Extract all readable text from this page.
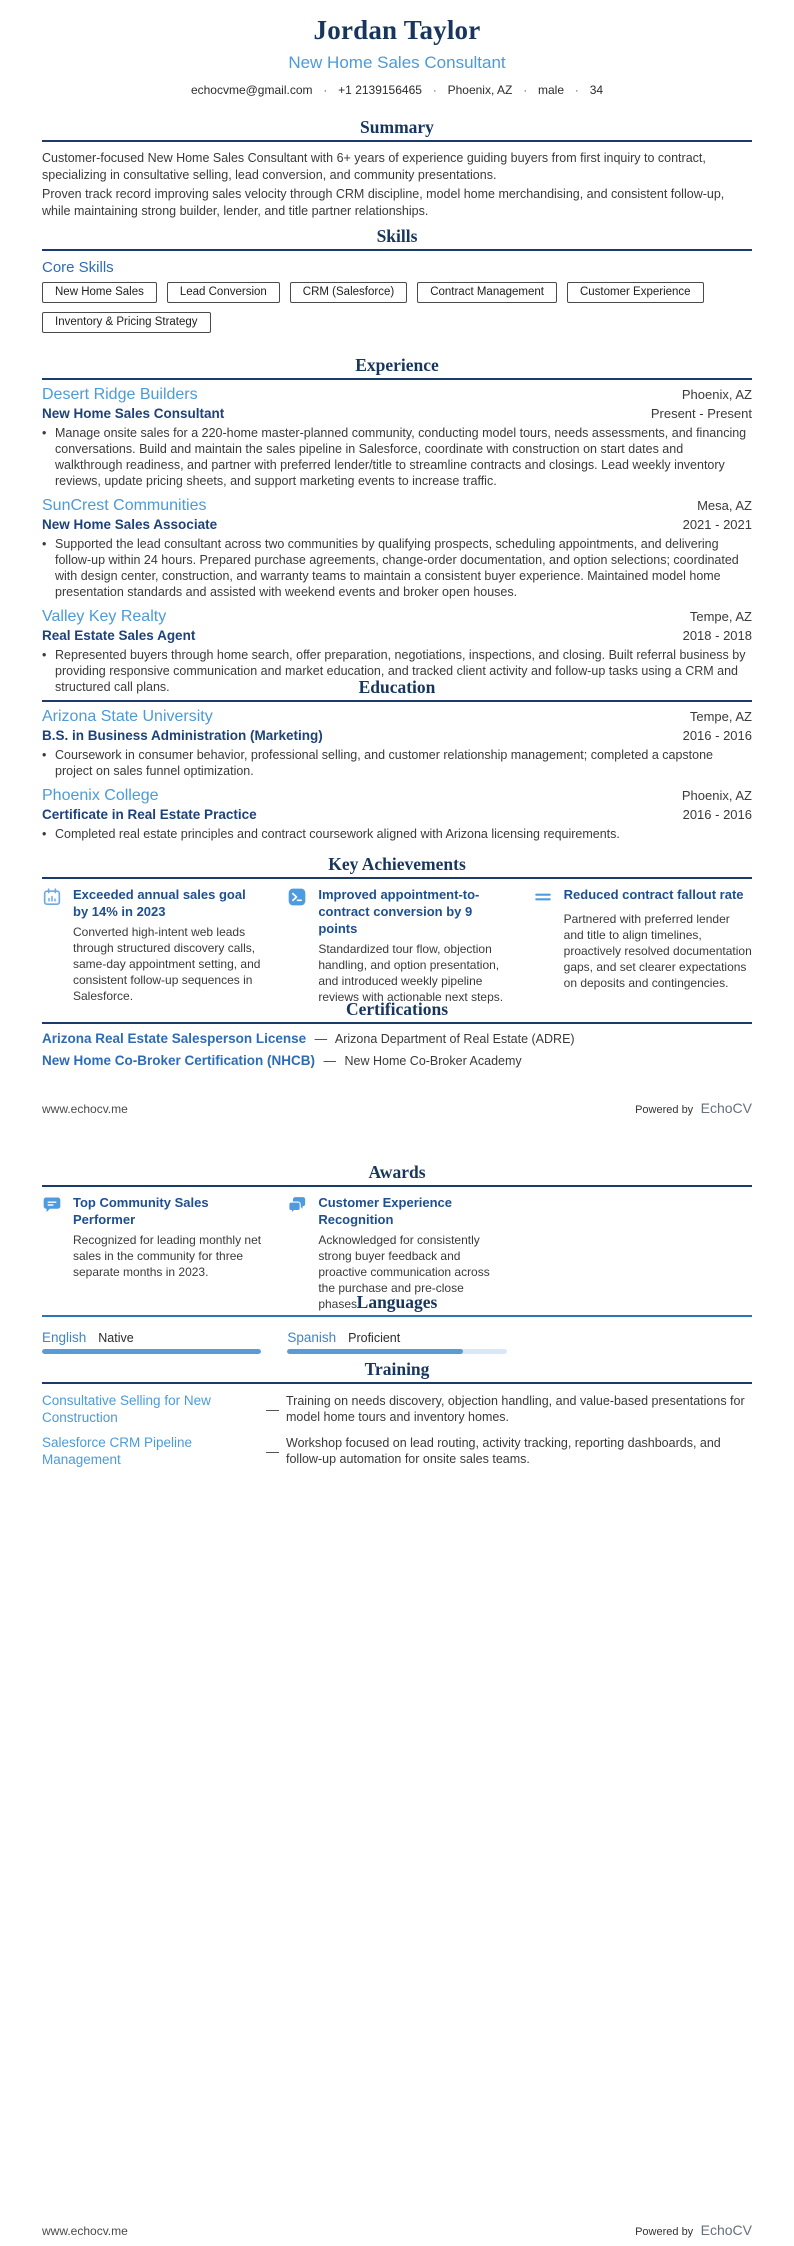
Jordan Taylor
New Home Sales Consultant
echocvme@gmail.com · +1 2139156465 · Phoenix, AZ · male · 34
Summary

Customer-focused New Home Sales Consultant with 6+ years of experience guiding buyers from first inquiry to contract, specializing in consultative selling, lead conversion, and community presentations.

Proven track record improving sales velocity through CRM discipline, model home merchandising, and consistent follow-up, while maintaining strong builder, lender, and title partner relationships.

Skills
Core Skills
New Home Sales	Lead Conversion	CRM (Salesforce)	Contract Management	Customer Experience
Inventory & Pricing Strategy
Experience
Desert Ridge Builders	Phoenix, AZ
New Home Sales Consultant	Present - Present
• Manage onsite sales for a 220-home master-planned community, conducting model tours, needs assessments, and financing conversations. Build and maintain the sales pipeline in Salesforce, coordinate with construction on start dates and walkthrough readiness, and partner with preferred lender/title to streamline contracts and closings. Lead weekly inventory reviews, update pricing sheets, and support marketing events to increase traffic.
SunCrest Communities	Mesa, AZ
New Home Sales Associate	2021 - 2021
• Supported the lead consultant across two communities by qualifying prospects, scheduling appointments, and delivering follow-up within 24 hours. Prepared purchase agreements, change-order documentation, and option selections; coordinated with design center, construction, and warranty teams to maintain a consistent buyer experience. Maintained model home presentation standards and assisted with weekend events and broker open houses.
Valley Key Realty	Tempe, AZ
Real Estate Sales Agent	2018 - 2018
• Represented buyers through home search, offer preparation, negotiations, inspections, and closing. Built referral business by providing responsive communication and market education, and tracked client activity and follow-up tasks using a CRM and structured call plans.	Education
Arizona State University	Tempe, AZ
B.S. in Business Administration (Marketing)	2016 - 2016
• Coursework in consumer behavior, professional selling, and customer relationship management; completed a capstone project on sales funnel optimization.
Phoenix College	Phoenix, AZ
Certificate in Real Estate Practice	2016 - 2016
• Completed real estate principles and contract coursework aligned with Arizona licensing requirements.
Key Achievements
Exceeded annual sales goal by 14% in 2023
Converted high-intent web leads through structured discovery calls, same-day appointment setting, and consistent follow-up sequences in Salesforce.
Improved appointment-to-contract conversion by 9 points
Standardized tour flow, objection handling, and option presentation, and introduced weekly pipeline reviews with actionable next steps.
Reduced contract fallout rate
Partnered with preferred lender and title to align timelines, proactively resolved documentation gaps, and set clearer expectations on deposits and contingencies.
Certifications
Arizona Real Estate Salesperson License — Arizona Department of Real Estate (ADRE)
New Home Co-Broker Certification (NHCB) — New Home Co-Broker Academy
www.echocv.me	Powered by EchoCV
Awards
Top Community Sales Performer
Recognized for leading monthly net sales in the community for three separate months in 2023.
Customer Experience Recognition
Acknowledged for consistently strong buyer feedback and proactive communication across the purchase and pre-close phases.
Languages
English Native	Spanish Proficient
Training
Consultative Selling for New Construction
—
Training on needs discovery, objection handling, and value-based presentations for model home tours and inventory homes.
Salesforce CRM Pipeline Management
—
Workshop focused on lead routing, activity tracking, reporting dashboards, and follow-up automation for onsite sales teams.
www.echocv.me	Powered by EchoCV
